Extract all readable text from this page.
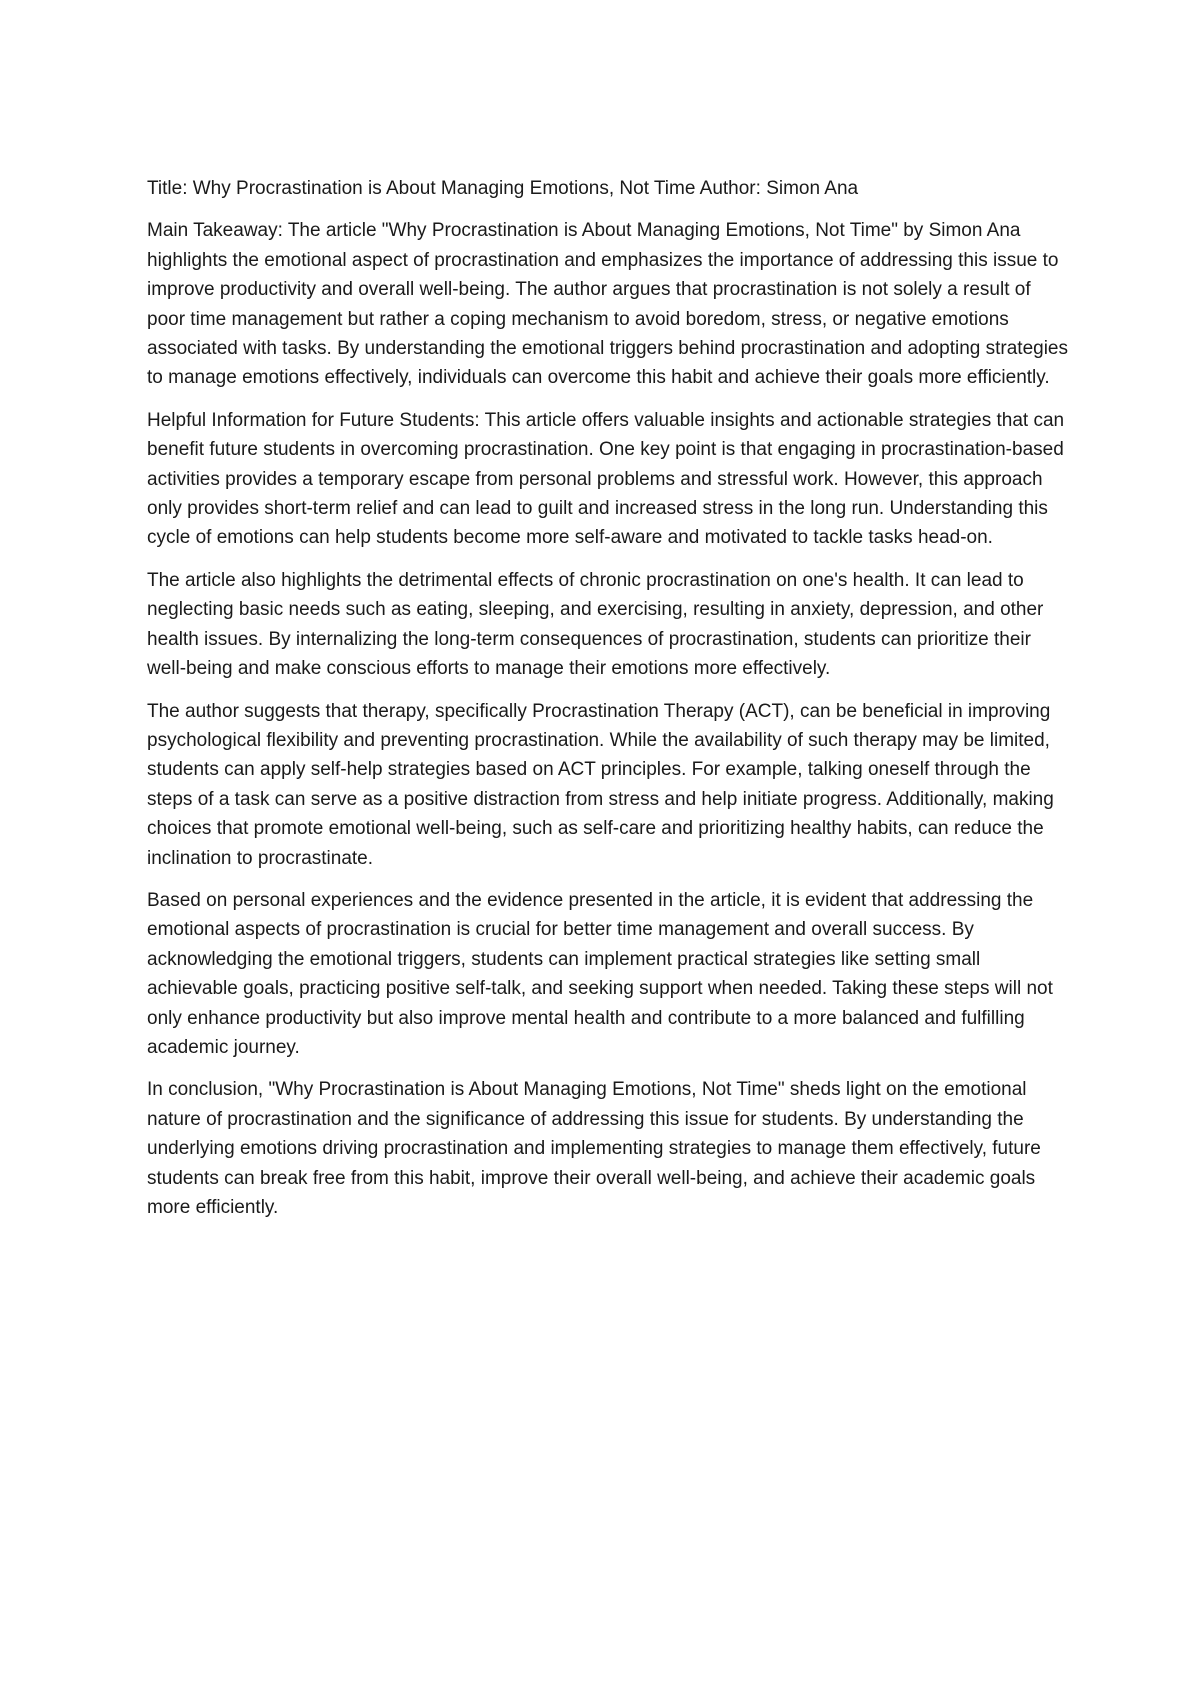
Title: Why Procrastination is About Managing Emotions, Not Time Author: Simon Ana

Main Takeaway: The article "Why Procrastination is About Managing Emotions, Not Time" by Simon Ana highlights the emotional aspect of procrastination and emphasizes the importance of addressing this issue to improve productivity and overall well-being. The author argues that procrastination is not solely a result of poor time management but rather a coping mechanism to avoid boredom, stress, or negative emotions associated with tasks. By understanding the emotional triggers behind procrastination and adopting strategies to manage emotions effectively, individuals can overcome this habit and achieve their goals more efficiently.

Helpful Information for Future Students: This article offers valuable insights and actionable strategies that can benefit future students in overcoming procrastination. One key point is that engaging in procrastination-based activities provides a temporary escape from personal problems and stressful work. However, this approach only provides short-term relief and can lead to guilt and increased stress in the long run. Understanding this cycle of emotions can help students become more self-aware and motivated to tackle tasks head-on.

The article also highlights the detrimental effects of chronic procrastination on one's health. It can lead to neglecting basic needs such as eating, sleeping, and exercising, resulting in anxiety, depression, and other health issues. By internalizing the long-term consequences of procrastination, students can prioritize their well-being and make conscious efforts to manage their emotions more effectively.

The author suggests that therapy, specifically Procrastination Therapy (ACT), can be beneficial in improving psychological flexibility and preventing procrastination. While the availability of such therapy may be limited, students can apply self-help strategies based on ACT principles. For example, talking oneself through the steps of a task can serve as a positive distraction from stress and help initiate progress. Additionally, making choices that promote emotional well-being, such as self-care and prioritizing healthy habits, can reduce the inclination to procrastinate.

Based on personal experiences and the evidence presented in the article, it is evident that addressing the emotional aspects of procrastination is crucial for better time management and overall success. By acknowledging the emotional triggers, students can implement practical strategies like setting small achievable goals, practicing positive self-talk, and seeking support when needed. Taking these steps will not only enhance productivity but also improve mental health and contribute to a more balanced and fulfilling academic journey.

In conclusion, "Why Procrastination is About Managing Emotions, Not Time" sheds light on the emotional nature of procrastination and the significance of addressing this issue for students. By understanding the underlying emotions driving procrastination and implementing strategies to manage them effectively, future students can break free from this habit, improve their overall well-being, and achieve their academic goals more efficiently.
